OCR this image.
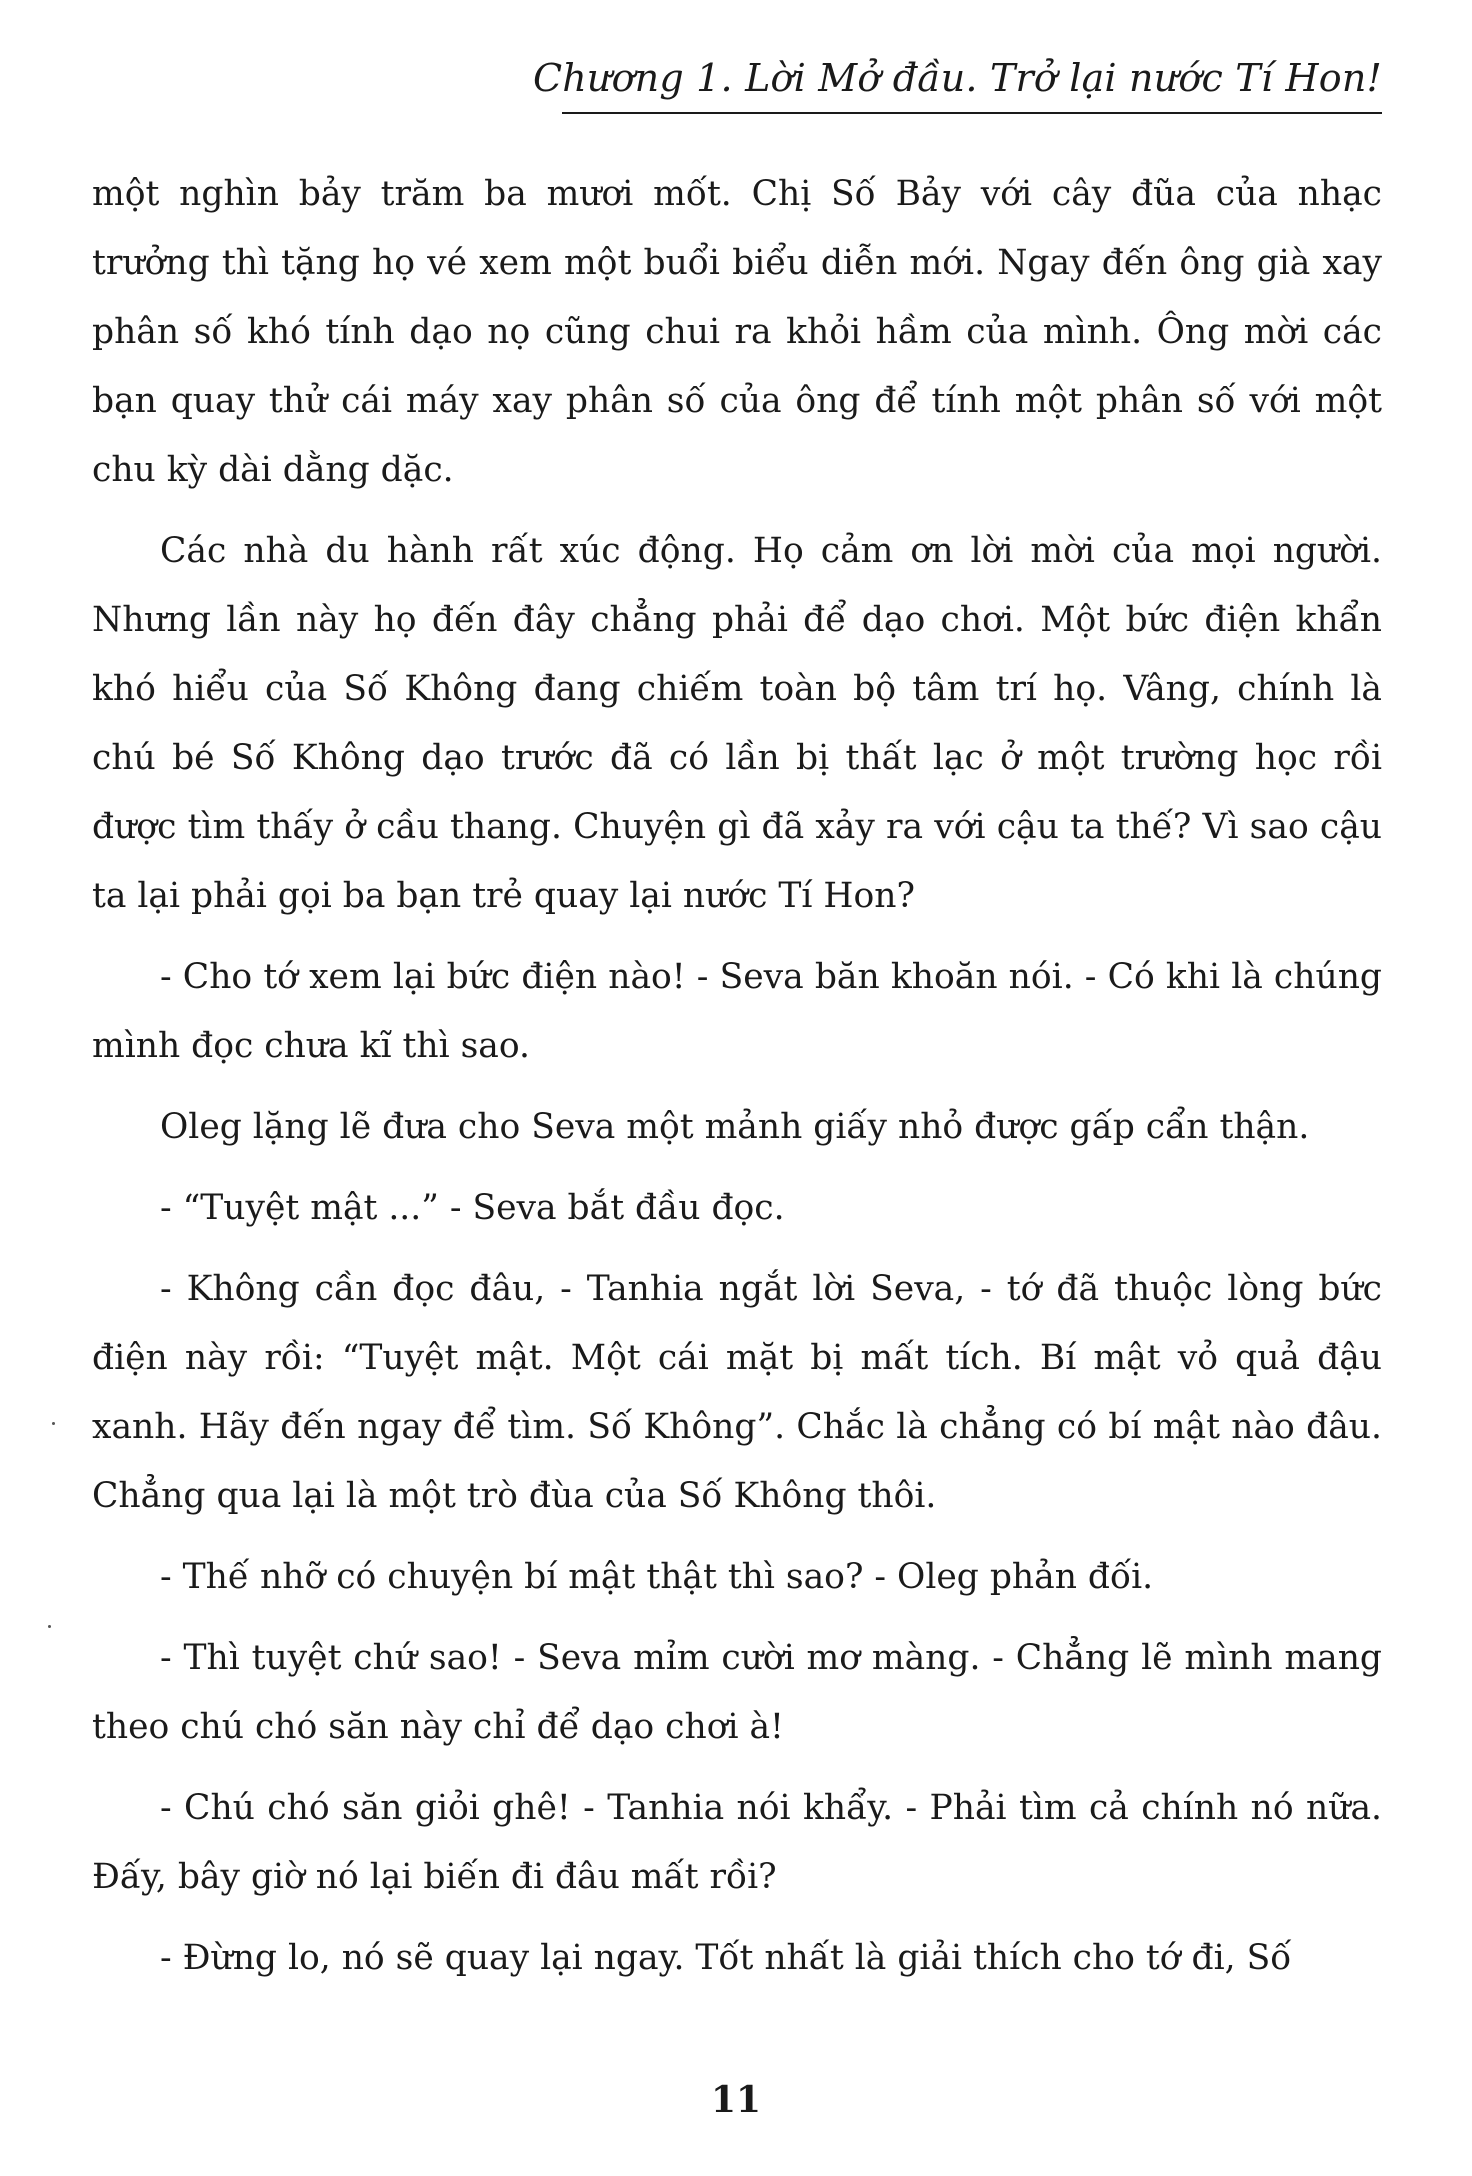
Chương 1. Lời Mở đầu. Trở lại nước Tí Hon!

một nghìn bảy trăm ba mươi mốt. Chị Số Bảy với cây đũa của nhạc trưởng thì tặng họ vé xem một buổi biểu diễn mới. Ngay đến ông già xay phân số khó tính dạo nọ cũng chui ra khỏi hầm của mình. Ông mời các bạn quay thử cái máy xay phân số của ông để tính một phân số với một chu kỳ dài dằng dặc.

Các nhà du hành rất xúc động. Họ cảm ơn lời mời của mọi người. Nhưng lần này họ đến đây chẳng phải để dạo chơi. Một bức điện khẩn khó hiểu của Số Không đang chiếm toàn bộ tâm trí họ. Vâng, chính là chú bé Số Không dạo trước đã có lần bị thất lạc ở một trường học rồi được tìm thấy ở cầu thang. Chuyện gì đã xảy ra với cậu ta thế? Vì sao cậu ta lại phải gọi ba bạn trẻ quay lại nước Tí Hon?

- Cho tớ xem lại bức điện nào! - Seva băn khoăn nói. - Có khi là chúng mình đọc chưa kĩ thì sao.

Oleg lặng lẽ đưa cho Seva một mảnh giấy nhỏ được gấp cẩn thận.

- “Tuyệt mật ...” - Seva bắt đầu đọc.

- Không cần đọc đâu, - Tanhia ngắt lời Seva, - tớ đã thuộc lòng bức điện này rồi: “Tuyệt mật. Một cái mặt bị mất tích. Bí mật vỏ quả đậu xanh. Hãy đến ngay để tìm. Số Không”. Chắc là chẳng có bí mật nào đâu. Chẳng qua lại là một trò đùa của Số Không thôi.

- Thế nhỡ có chuyện bí mật thật thì sao? - Oleg phản đối.

- Thì tuyệt chứ sao! - Seva mỉm cười mơ màng. - Chẳng lẽ mình mang theo chú chó săn này chỉ để dạo chơi à!

- Chú chó săn giỏi ghê! - Tanhia nói khẩy. - Phải tìm cả chính nó nữa. Đấy, bây giờ nó lại biến đi đâu mất rồi?

- Đừng lo, nó sẽ quay lại ngay. Tốt nhất là giải thích cho tớ đi, Số

11
